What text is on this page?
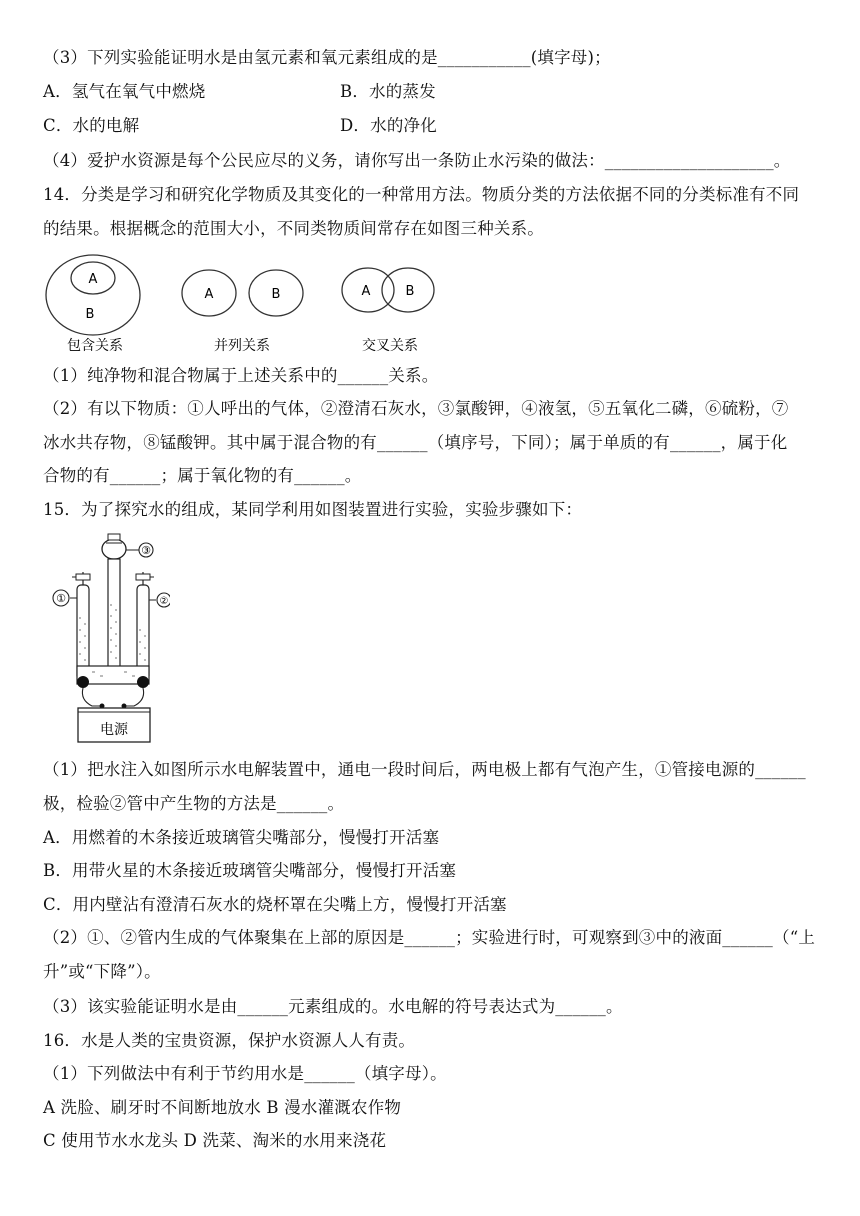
（3）下列实验能证明水是由氢元素和氧元素组成的是___________(填字母)；
A．氢气在氧气中燃烧	B．水的蒸发
C．水的电解	D．水的净化
（4）爱护水资源是每个公民应尽的义务，请你写出一条防止水污染的做法：____________________。
14．分类是学习和研究化学物质及其变化的一种常用方法。物质分类的方法依据不同的分类标准有不同
的结果。根据概念的范围大小，不同类物质间常存在如图三种关系。
A
B
包含关系
A	B
并列关系
A	B
交叉关系
（1）纯净物和混合物属于上述关系中的______关系。
（2）有以下物质：①人呼出的气体，②澄清石灰水，③氯酸钾，④液氢，⑤五氧化二磷，⑥硫粉，⑦
冰水共存物，⑧锰酸钾。其中属于混合物的有______（填序号，下同）；属于单质的有______，属于化
合物的有______；属于氧化物的有______。
15．为了探究水的组成，某同学利用如图装置进行实验，实验步骤如下：
③
①	②
电源
（1）把水注入如图所示水电解装置中，通电一段时间后，两电极上都有气泡产生，①管接电源的______
极，检验②管中产生物的方法是______。
A．用燃着的木条接近玻璃管尖嘴部分，慢慢打开活塞
B．用带火星的木条接近玻璃管尖嘴部分，慢慢打开活塞
C．用内壁沾有澄清石灰水的烧杯罩在尖嘴上方，慢慢打开活塞
（2）①、②管内生成的气体聚集在上部的原因是______；实验进行时，可观察到③中的液面______（“上
升”或“下降”）。
（3）该实验能证明水是由______元素组成的。水电解的符号表达式为______。
16．水是人类的宝贵资源，保护水资源人人有责。
（1）下列做法中有利于节约用水是______（填字母）。
A 洗脸、刷牙时不间断地放水 B 漫水灌溉农作物
C 使用节水水龙头 D 洗菜、淘米的水用来浇花
